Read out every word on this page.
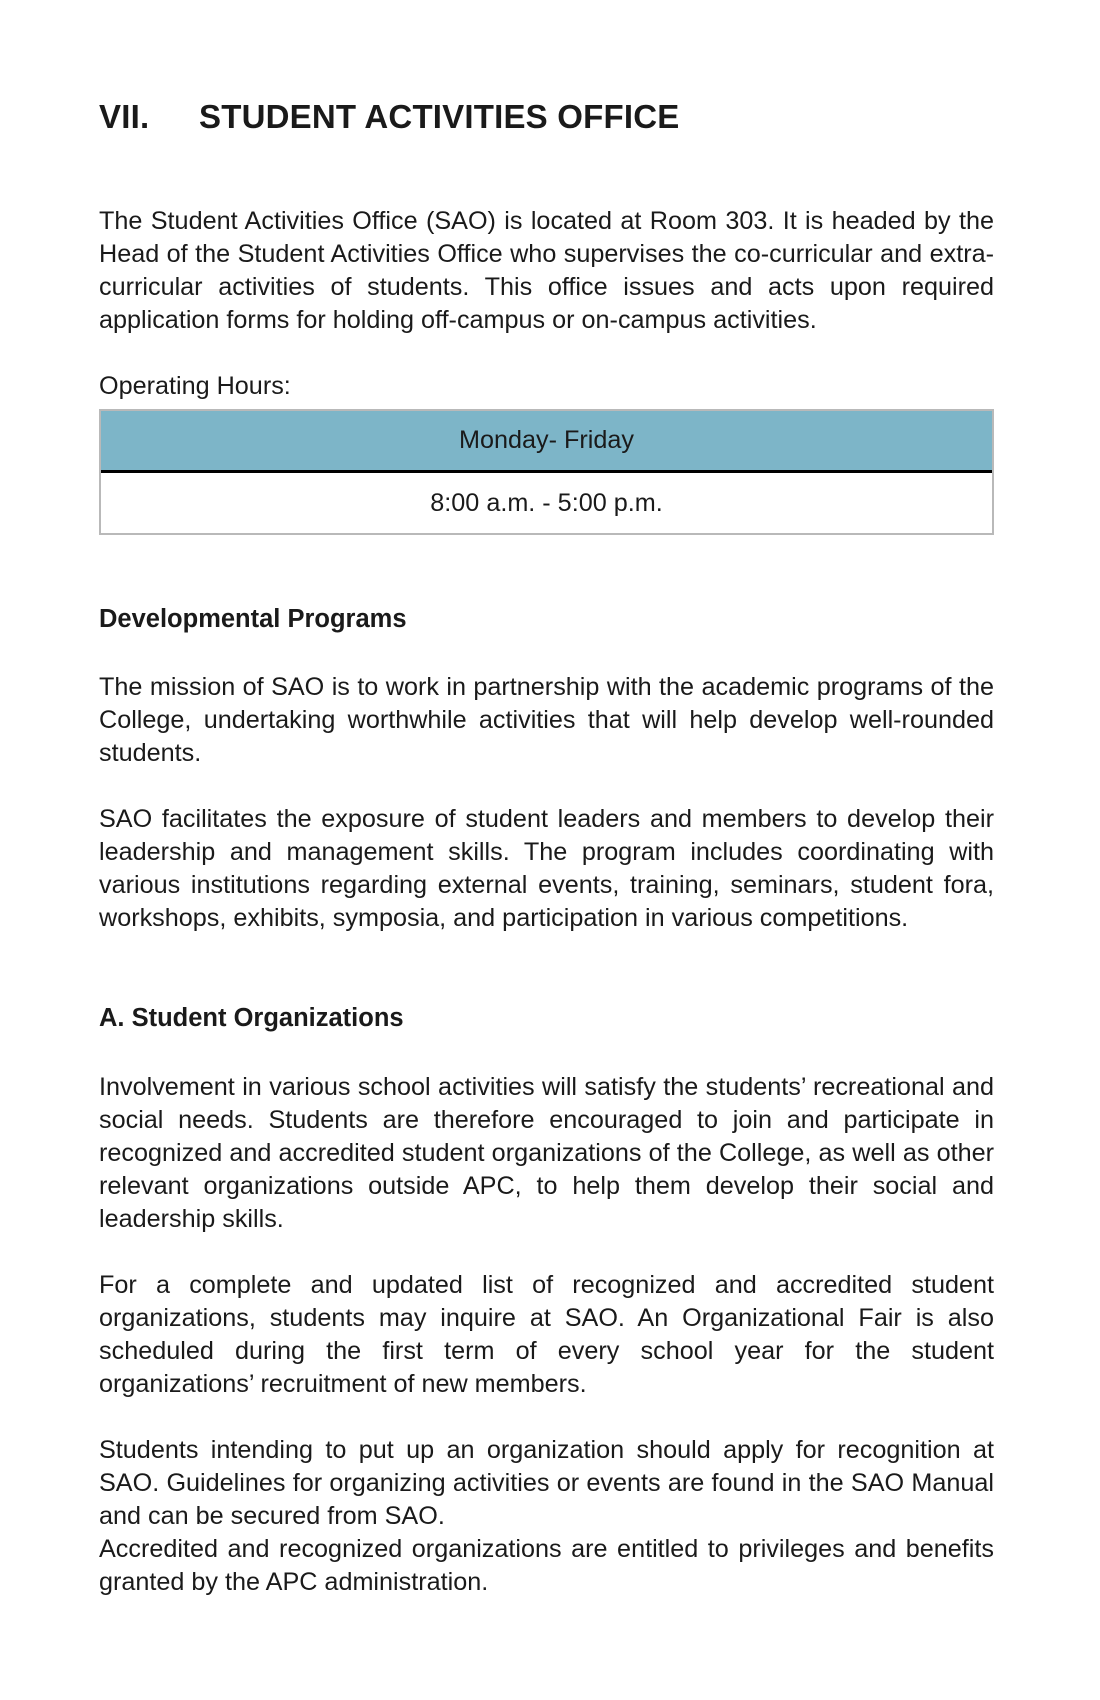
VII. STUDENT ACTIVITIES OFFICE

The Student Activities Office (SAO) is located at Room 303. It is headed by the Head of the Student Activities Office who supervises the co-curricular and extra-curricular activities of students. This office issues and acts upon required application forms for holding off-campus or on-campus activities.

Operating Hours:
Monday- Friday
8:00 a.m. - 5:00 p.m.
Developmental Programs

The mission of SAO is to work in partnership with the academic programs of the College, undertaking worthwhile activities that will help develop well-rounded students.

SAO facilitates the exposure of student leaders and members to develop their leadership and management skills. The program includes coordinating with various institutions regarding external events, training, seminars, student fora, workshops, exhibits, symposia, and participation in various competitions.

A. Student Organizations

Involvement in various school activities will satisfy the students’ recreational and social needs. Students are therefore encouraged to join and participate in recognized and accredited student organizations of the College, as well as other relevant organizations outside APC, to help them develop their social and leadership skills.

For a complete and updated list of recognized and accredited student organizations, students may inquire at SAO. An Organizational Fair is also scheduled during the first term of every school year for the student organizations’ recruitment of new members.

Students intending to put up an organization should apply for recognition at SAO. Guidelines for organizing activities or events are found in the SAO Manual and can be secured from SAO.

Accredited and recognized organizations are entitled to privileges and benefits granted by the APC administration.
